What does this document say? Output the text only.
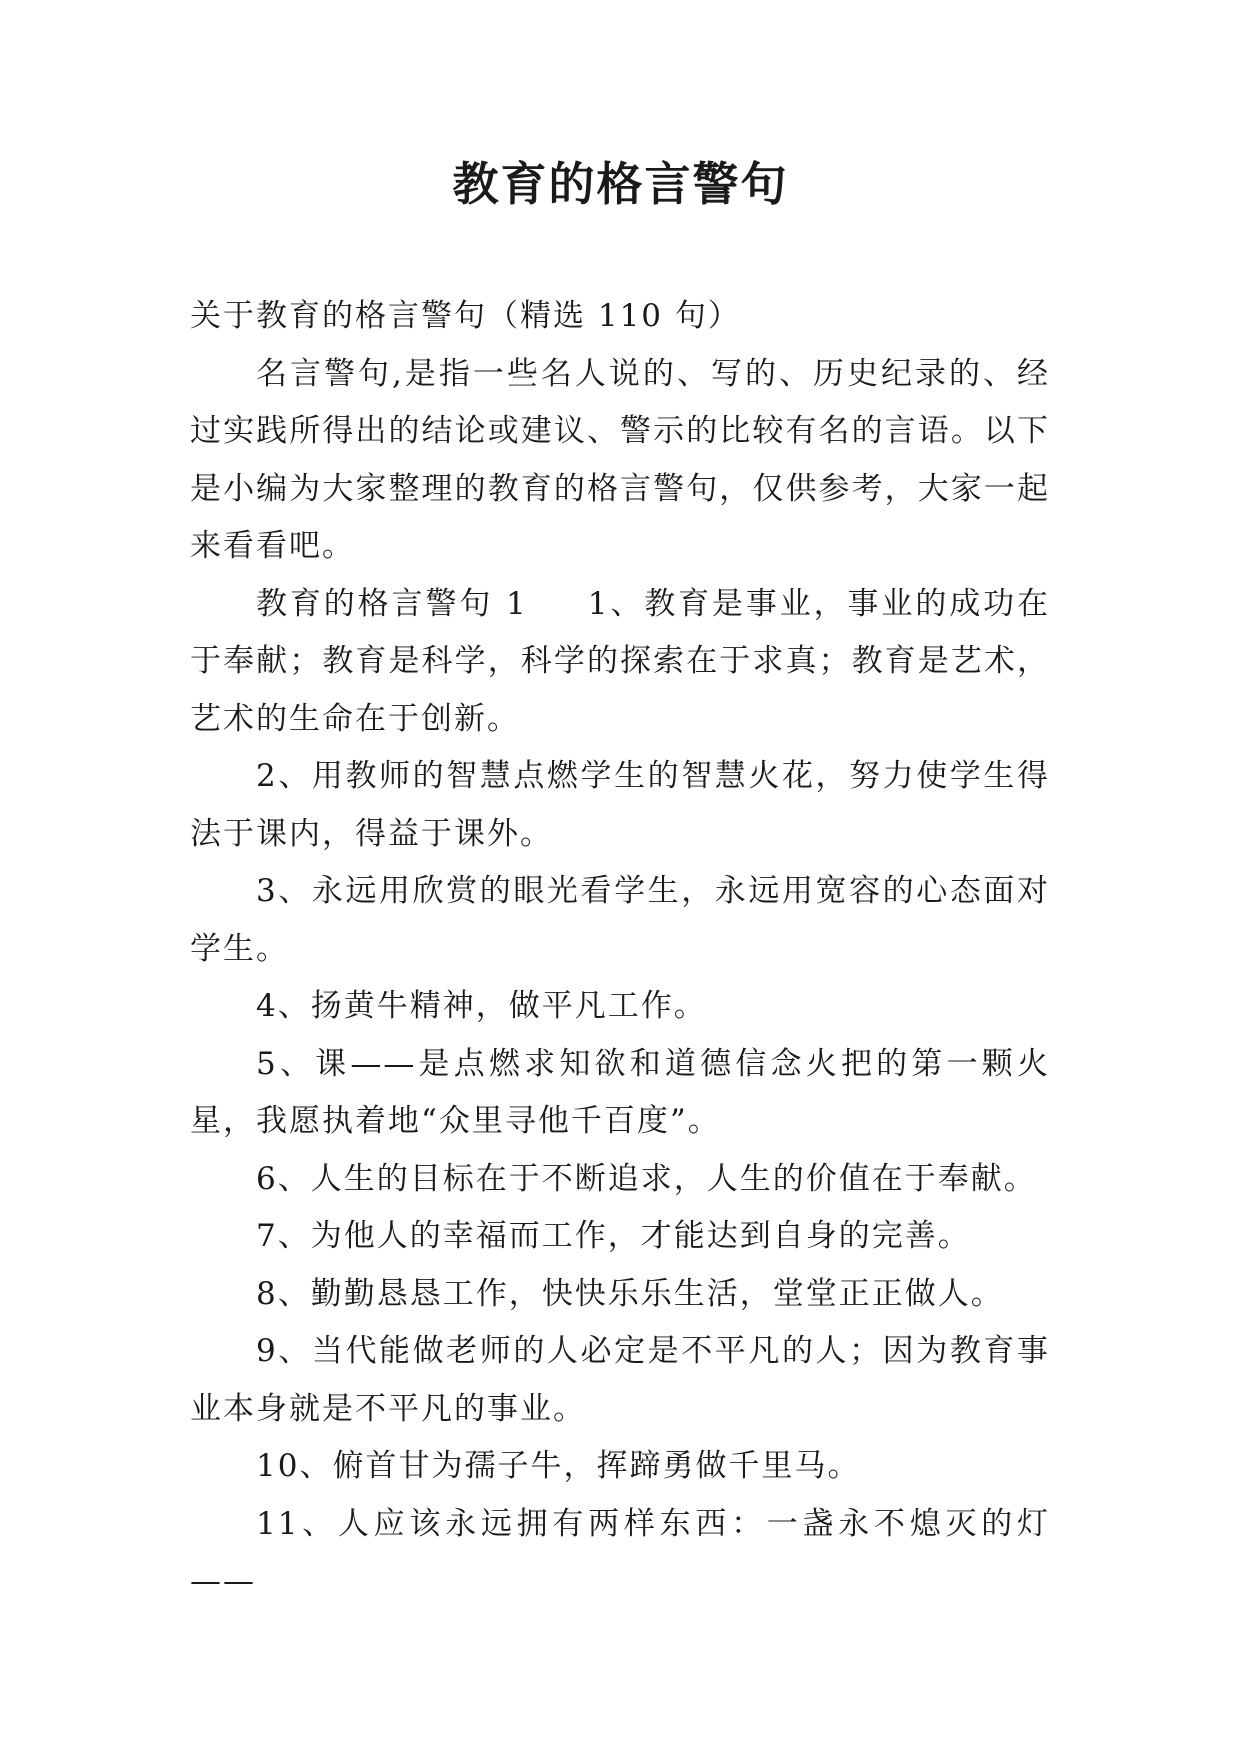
教育的格言警句

关于教育的格言警句（精选 110 句）

名言警句,是指一些名人说的、写的、历史纪录的、经过实践所得出的结论或建议、警示的比较有名的言语。以下是小编为大家整理的教育的格言警句，仅供参考，大家一起来看看吧。

教育的格言警句 1 1、教育是事业，事业的成功在于奉献；教育是科学，科学的探索在于求真；教育是艺术，艺术的生命在于创新。

2、用教师的智慧点燃学生的智慧火花，努力使学生得法于课内，得益于课外。

3、永远用欣赏的眼光看学生，永远用宽容的心态面对学生。

4、扬黄牛精神，做平凡工作。

5、课——是点燃求知欲和道德信念火把的第一颗火星，我愿执着地“众里寻他千百度”。

6、人生的目标在于不断追求，人生的价值在于奉献。

7、为他人的幸福而工作，才能达到自身的完善。

8、勤勤恳恳工作，快快乐乐生活，堂堂正正做人。

9、当代能做老师的人必定是不平凡的人；因为教育事业本身就是不平凡的事业。

10、俯首甘为孺子牛，挥蹄勇做千里马。

11、人应该永远拥有两样东西：一盏永不熄灭的灯——
